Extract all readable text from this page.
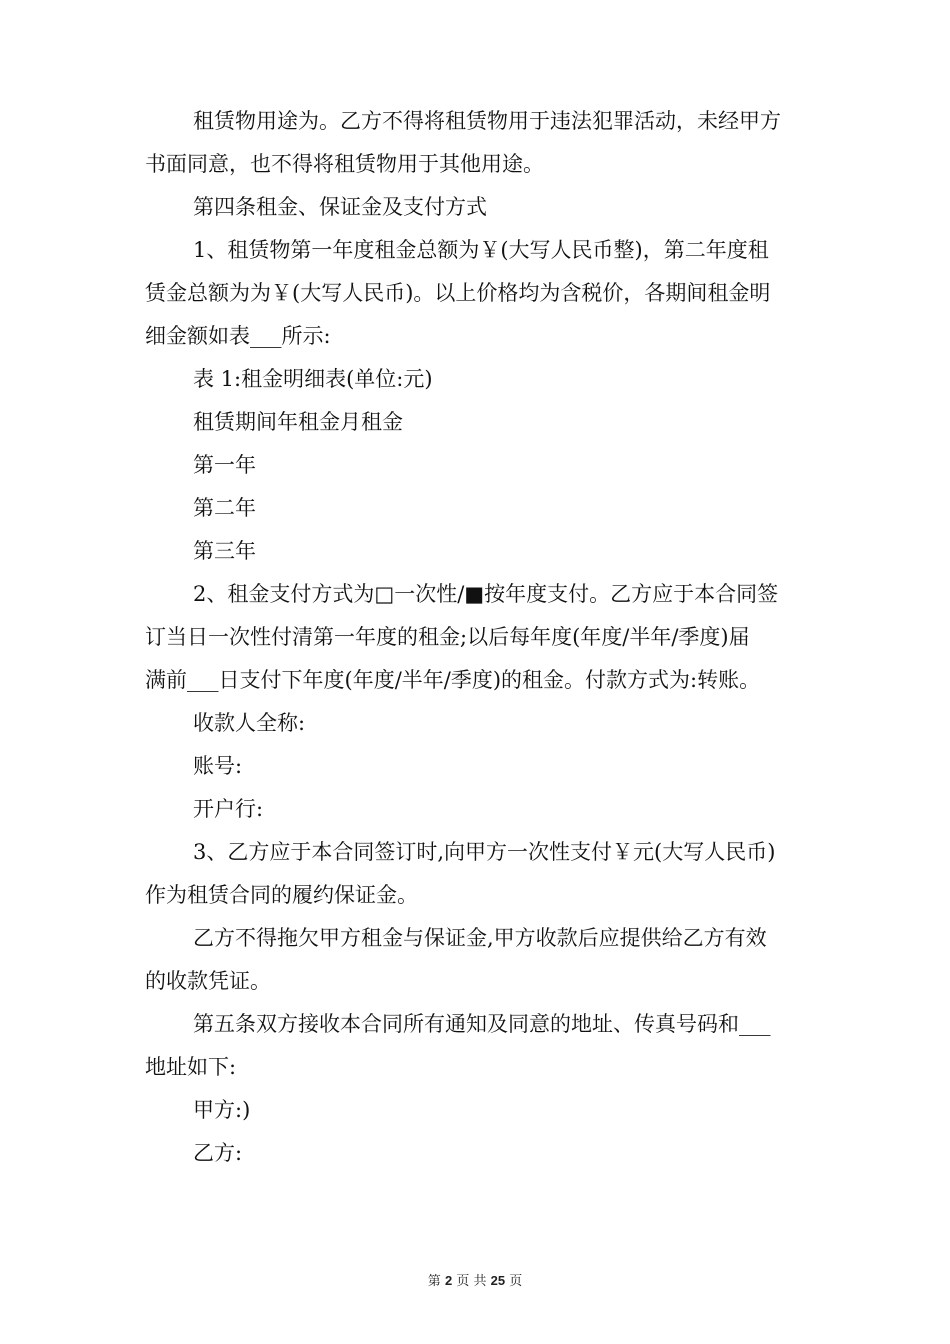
租赁物用途为。乙方不得将租赁物用于违法犯罪活动，未经甲方
书面同意，也不得将租赁物用于其他用途。
第四条租金、保证金及支付方式
1、租赁物第一年度租金总额为￥(大写人民币整)，第二年度租
赁金总额为为￥(大写人民币)。以上价格均为含税价，各期间租金明
细金额如表___所示:
表 1:租金明细表(单位:元)
租赁期间年租金月租金
第一年
第二年
第三年
2、租金支付方式为□一次性/■按年度支付。乙方应于本合同签
订当日一次性付清第一年度的租金;以后每年度(年度/半年/季度)届
满前___日支付下年度(年度/半年/季度)的租金。付款方式为:转账。
收款人全称:
账号:
开户行:
3、乙方应于本合同签订时,向甲方一次性支付￥元(大写人民币)
作为租赁合同的履约保证金。
乙方不得拖欠甲方租金与保证金,甲方收款后应提供给乙方有效
的收款凭证。
第五条双方接收本合同所有通知及同意的地址、传真号码和___
地址如下:
甲方:)
乙方:
第 2 页 共 25 页
